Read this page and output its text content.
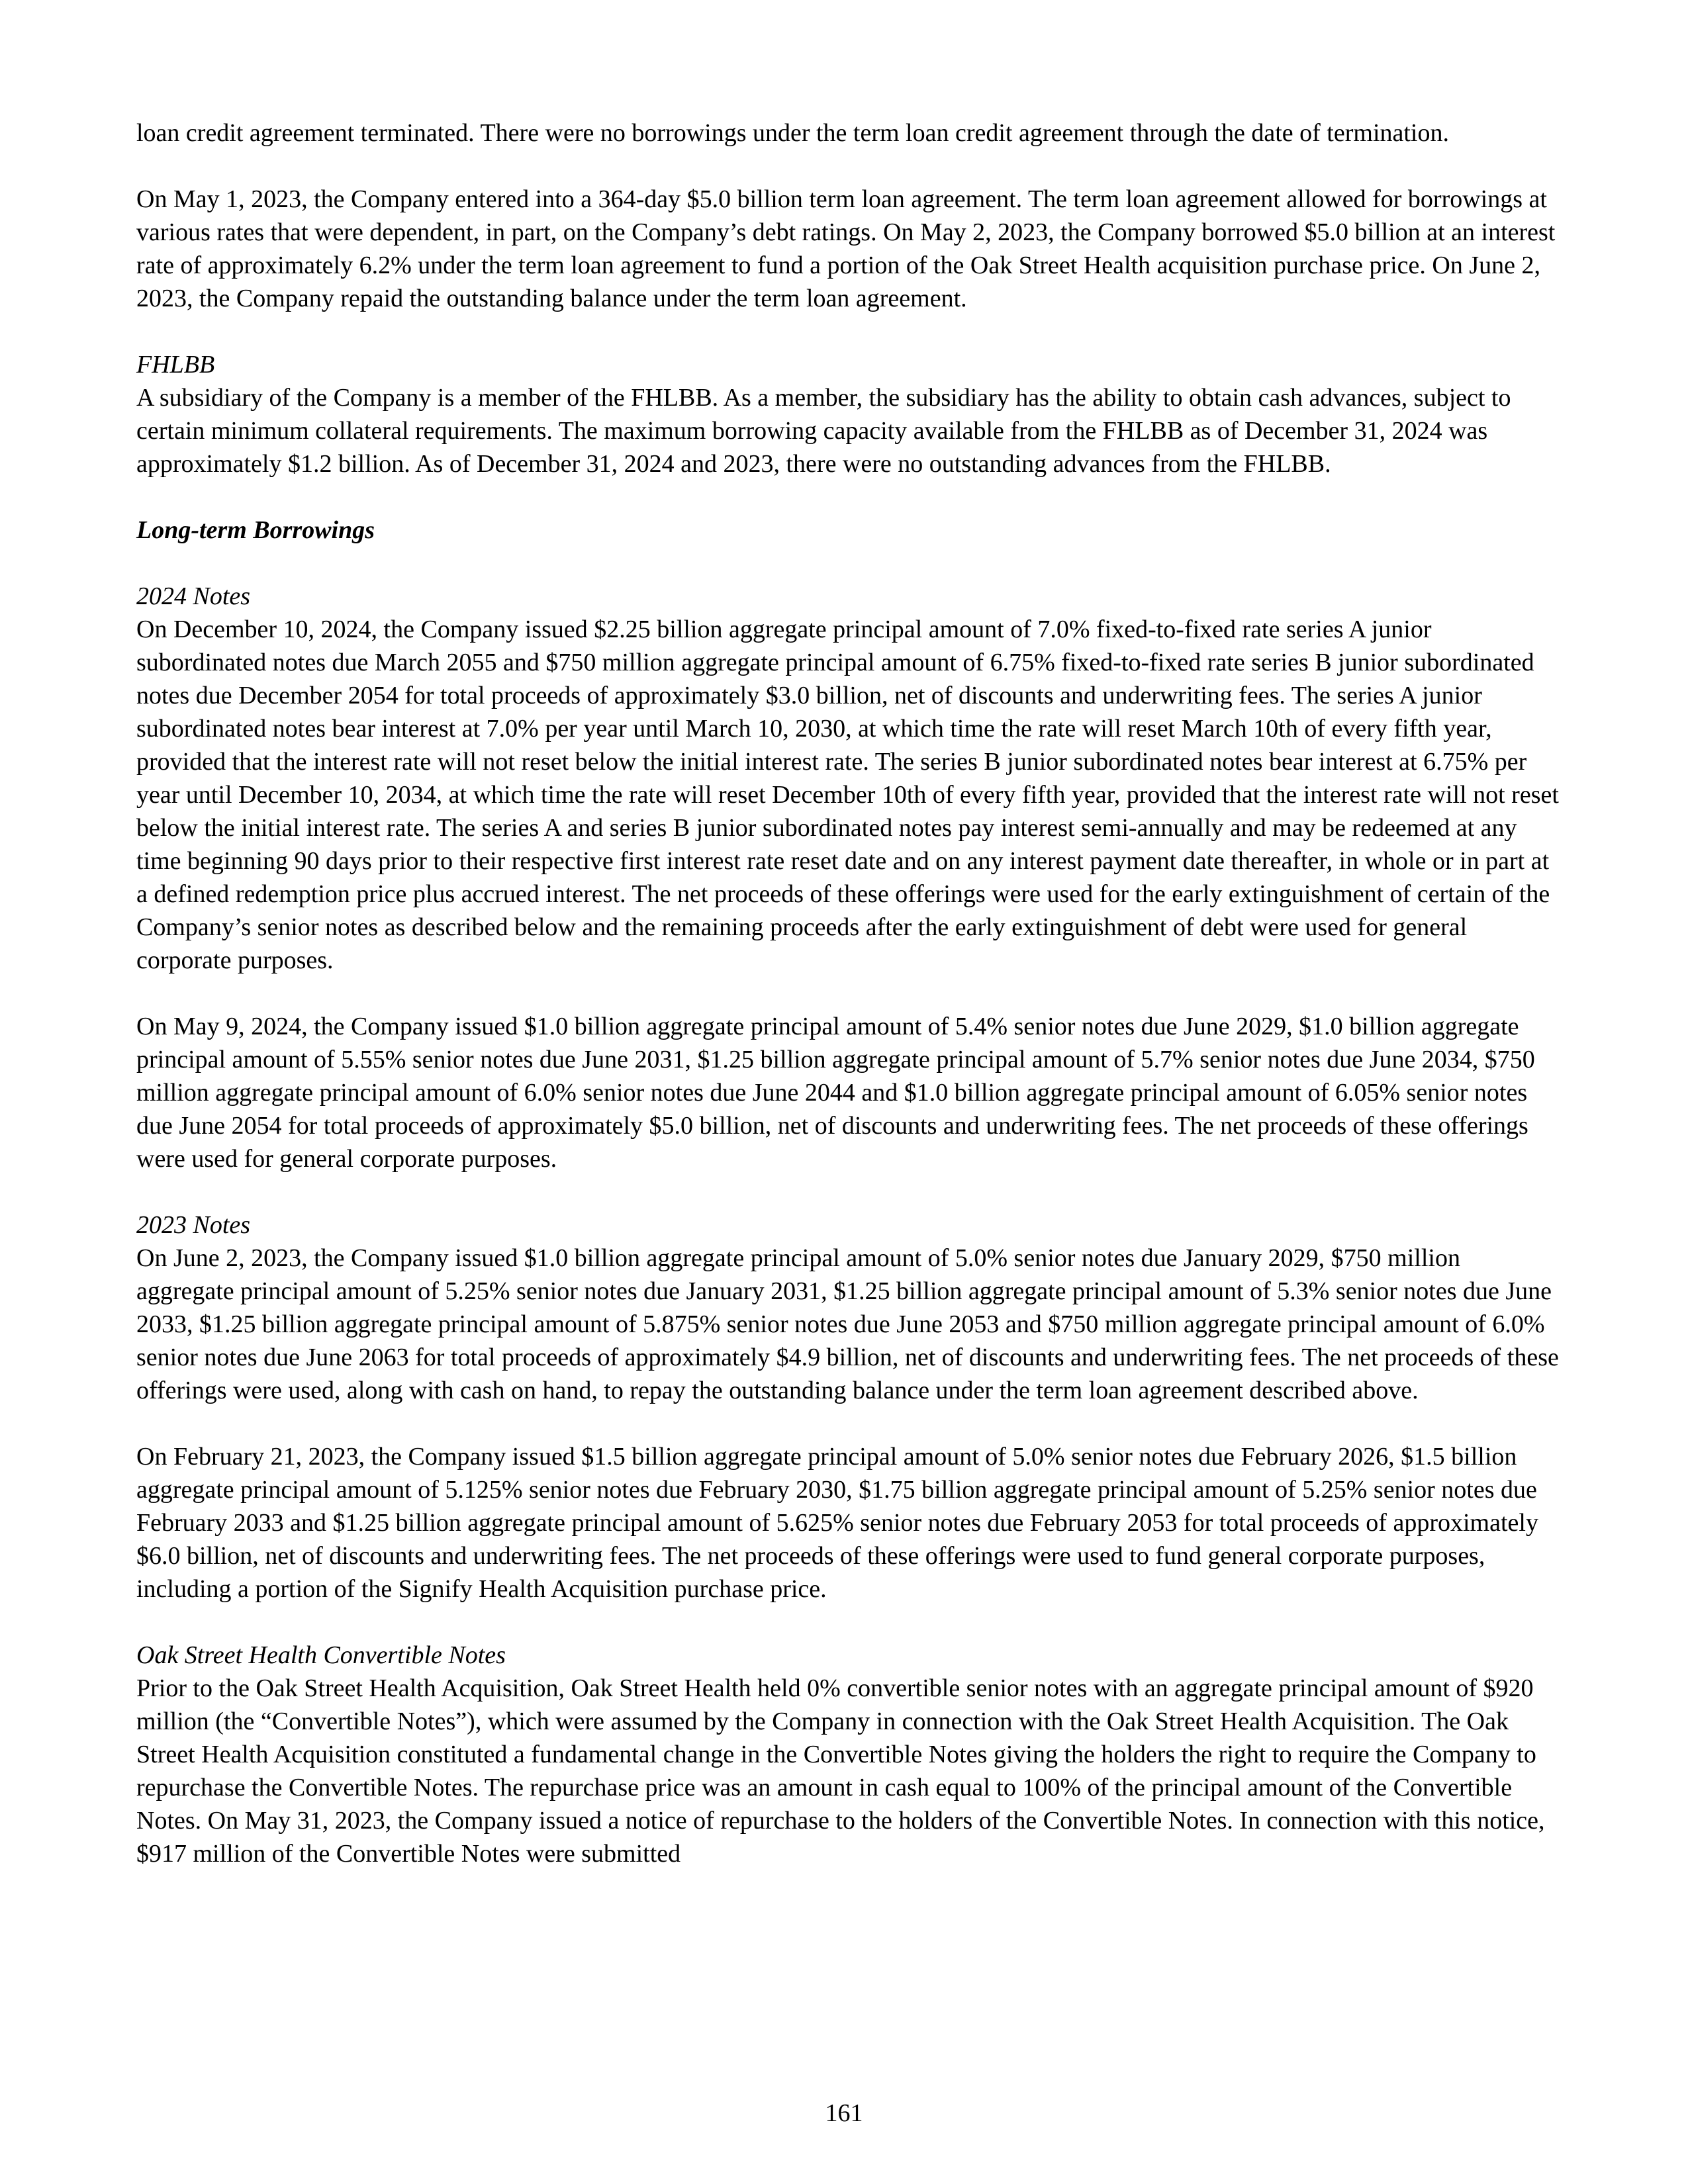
loan credit agreement terminated. There were no borrowings under the term loan credit agreement through the date of termination.

On May 1, 2023, the Company entered into a 364-day $5.0 billion term loan agreement. The term loan agreement allowed for borrowings at various rates that were dependent, in part, on the Company’s debt ratings. On May 2, 2023, the Company borrowed $5.0 billion at an interest rate of approximately 6.2% under the term loan agreement to fund a portion of the Oak Street Health acquisition purchase price. On June 2, 2023, the Company repaid the outstanding balance under the term loan agreement.

FHLBB

A subsidiary of the Company is a member of the FHLBB. As a member, the subsidiary has the ability to obtain cash advances, subject to certain minimum collateral requirements. The maximum borrowing capacity available from the FHLBB as of December 31, 2024 was approximately $1.2 billion. As of December 31, 2024 and 2023, there were no outstanding advances from the FHLBB.

Long-term Borrowings

2024 Notes

On December 10, 2024, the Company issued $2.25 billion aggregate principal amount of 7.0% fixed-to-fixed rate series A junior subordinated notes due March 2055 and $750 million aggregate principal amount of 6.75% fixed-to-fixed rate series B junior subordinated notes due December 2054 for total proceeds of approximately $3.0 billion, net of discounts and underwriting fees. The series A junior subordinated notes bear interest at 7.0% per year until March 10, 2030, at which time the rate will reset March 10th of every fifth year, provided that the interest rate will not reset below the initial interest rate. The series B junior subordinated notes bear interest at 6.75% per year until December 10, 2034, at which time the rate will reset December 10th of every fifth year, provided that the interest rate will not reset below the initial interest rate. The series A and series B junior subordinated notes pay interest semi-annually and may be redeemed at any time beginning 90 days prior to their respective first interest rate reset date and on any interest payment date thereafter, in whole or in part at a defined redemption price plus accrued interest. The net proceeds of these offerings were used for the early extinguishment of certain of the Company’s senior notes as described below and the remaining proceeds after the early extinguishment of debt were used for general corporate purposes.

On May 9, 2024, the Company issued $1.0 billion aggregate principal amount of 5.4% senior notes due June 2029, $1.0 billion aggregate principal amount of 5.55% senior notes due June 2031, $1.25 billion aggregate principal amount of 5.7% senior notes due June 2034, $750 million aggregate principal amount of 6.0% senior notes due June 2044 and $1.0 billion aggregate principal amount of 6.05% senior notes due June 2054 for total proceeds of approximately $5.0 billion, net of discounts and underwriting fees. The net proceeds of these offerings were used for general corporate purposes.

2023 Notes

On June 2, 2023, the Company issued $1.0 billion aggregate principal amount of 5.0% senior notes due January 2029, $750 million aggregate principal amount of 5.25% senior notes due January 2031, $1.25 billion aggregate principal amount of 5.3% senior notes due June 2033, $1.25 billion aggregate principal amount of 5.875% senior notes due June 2053 and $750 million aggregate principal amount of 6.0% senior notes due June 2063 for total proceeds of approximately $4.9 billion, net of discounts and underwriting fees. The net proceeds of these offerings were used, along with cash on hand, to repay the outstanding balance under the term loan agreement described above.

On February 21, 2023, the Company issued $1.5 billion aggregate principal amount of 5.0% senior notes due February 2026, $1.5 billion aggregate principal amount of 5.125% senior notes due February 2030, $1.75 billion aggregate principal amount of 5.25% senior notes due February 2033 and $1.25 billion aggregate principal amount of 5.625% senior notes due February 2053 for total proceeds of approximately $6.0 billion, net of discounts and underwriting fees. The net proceeds of these offerings were used to fund general corporate purposes, including a portion of the Signify Health Acquisition purchase price.

Oak Street Health Convertible Notes

Prior to the Oak Street Health Acquisition, Oak Street Health held 0% convertible senior notes with an aggregate principal amount of $920 million (the “Convertible Notes”), which were assumed by the Company in connection with the Oak Street Health Acquisition. The Oak Street Health Acquisition constituted a fundamental change in the Convertible Notes giving the holders the right to require the Company to repurchase the Convertible Notes. The repurchase price was an amount in cash equal to 100% of the principal amount of the Convertible Notes. On May 31, 2023, the Company issued a notice of repurchase to the holders of the Convertible Notes. In connection with this notice, $917 million of the Convertible Notes were submitted

161
